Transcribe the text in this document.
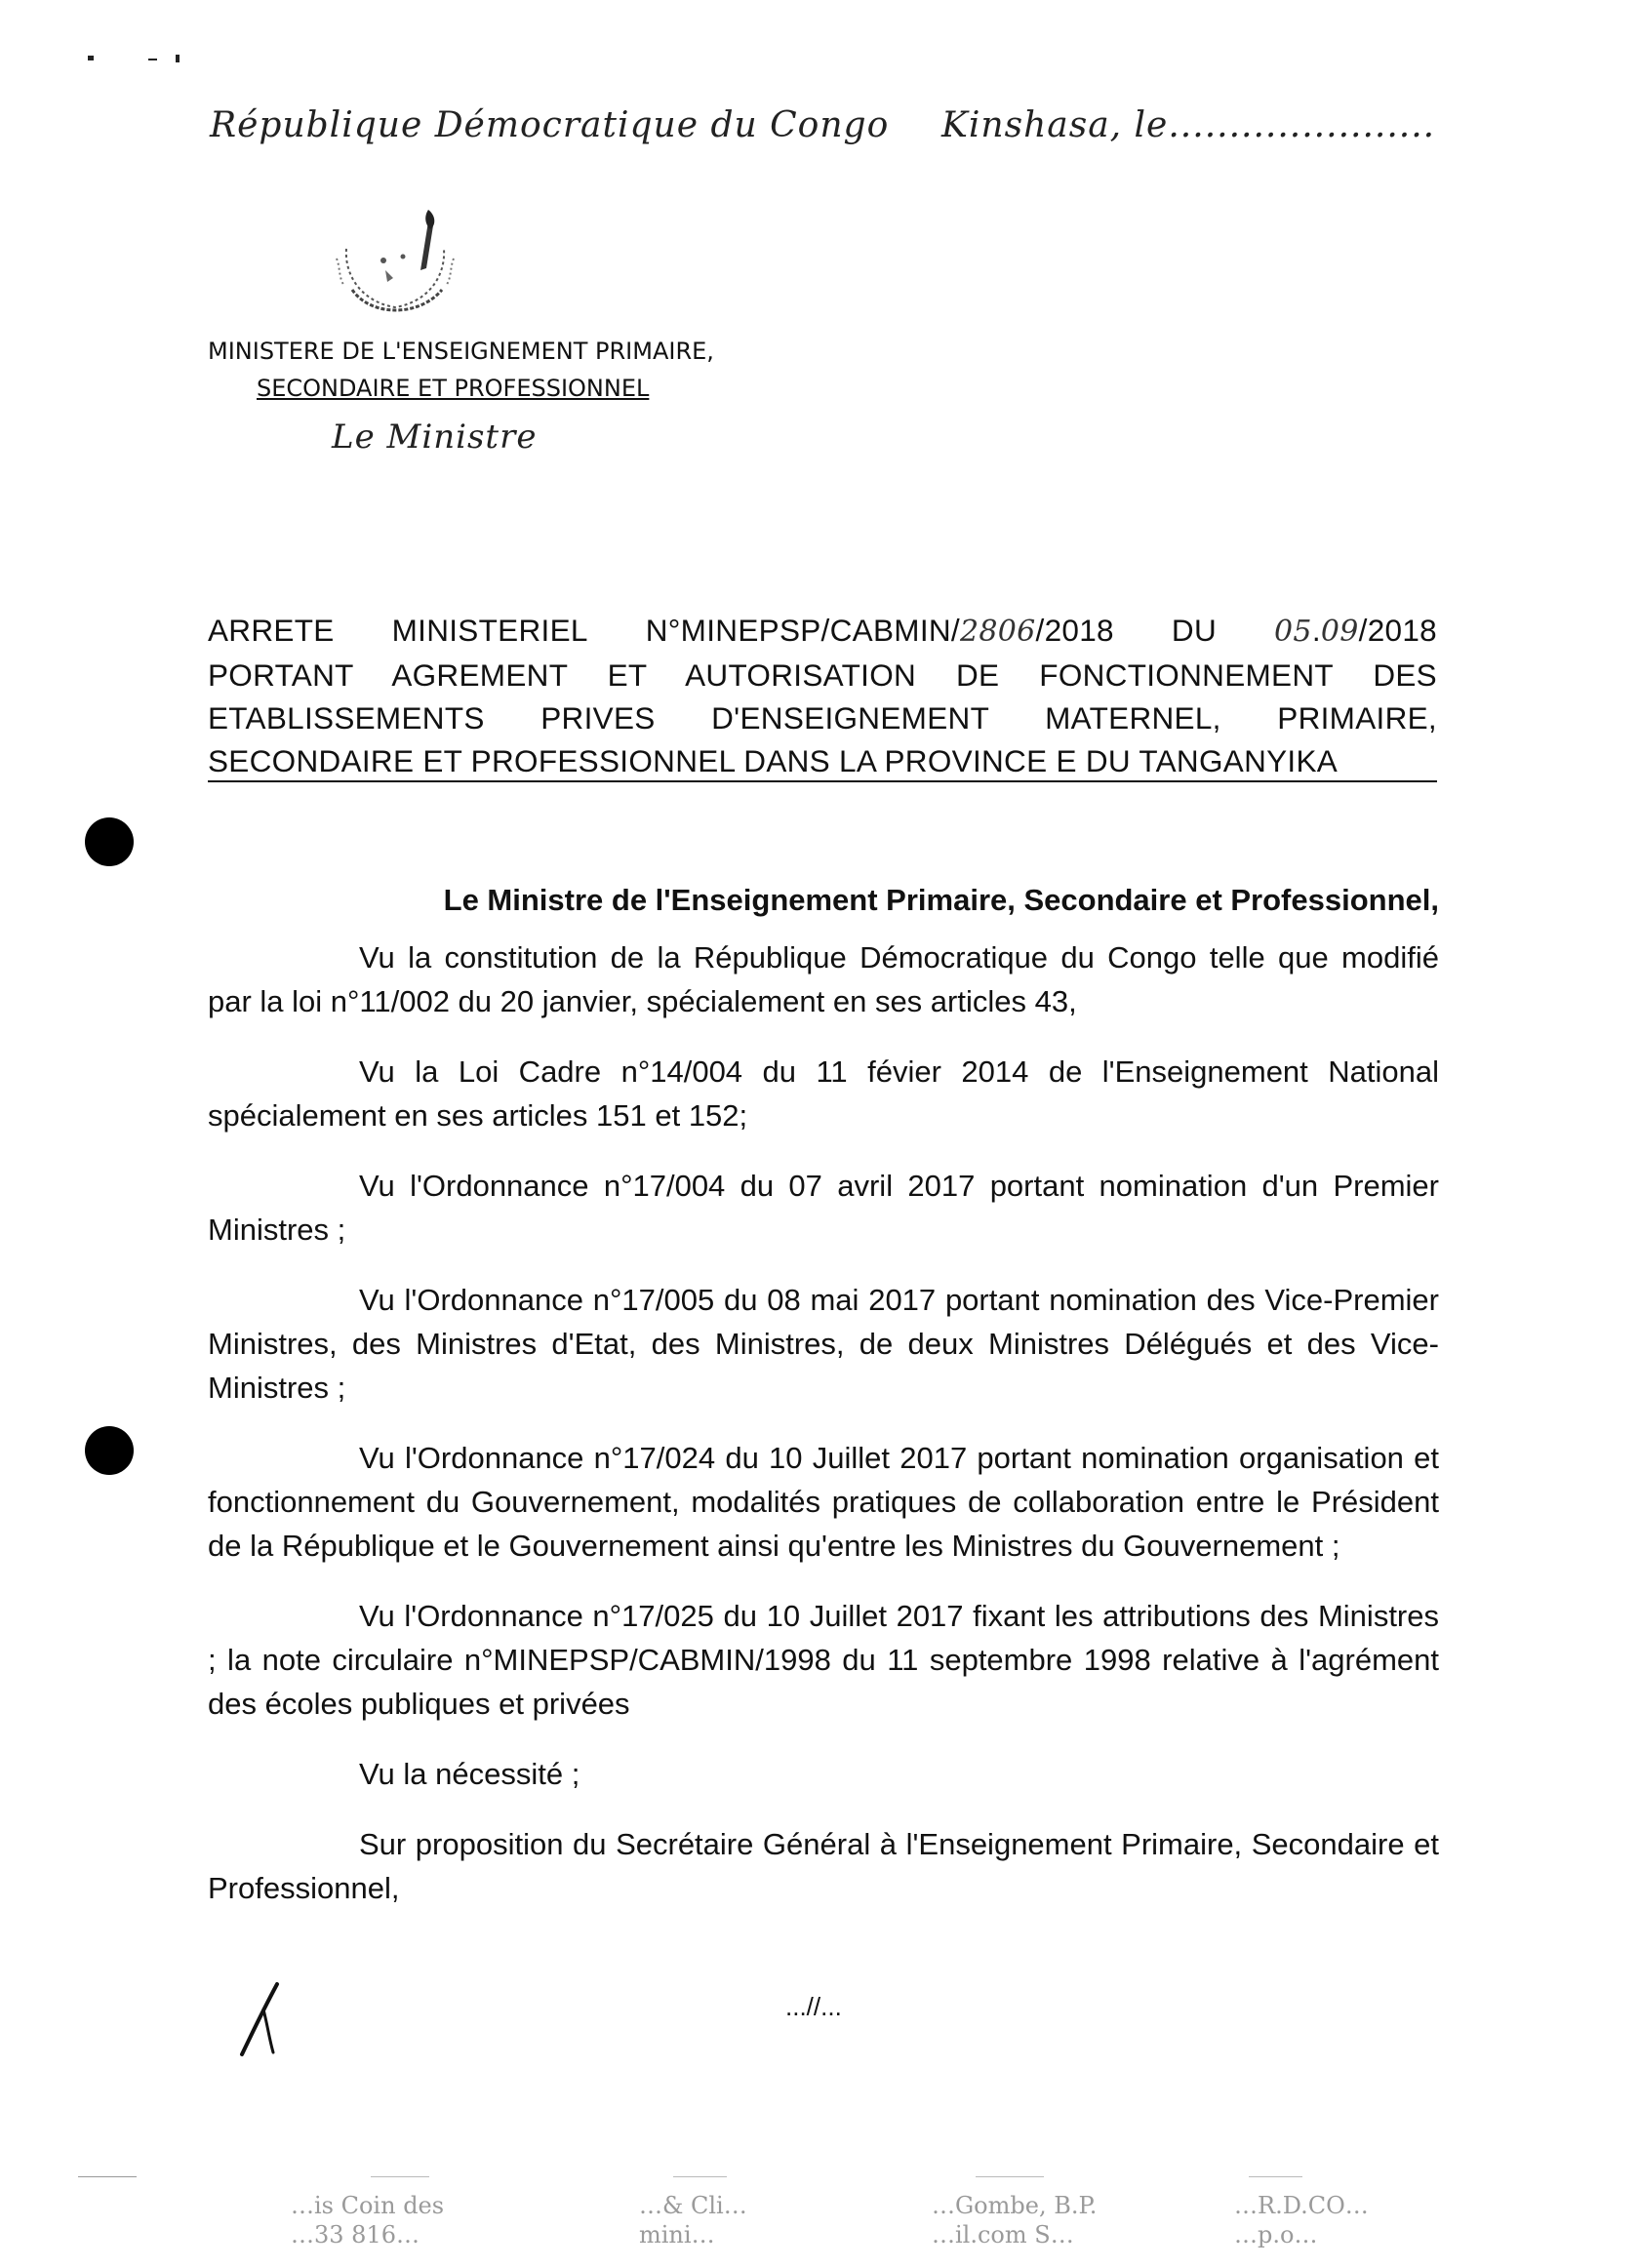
République Démocratique du Congo Kinshasa, le......................
MINISTERE DE L'ENSEIGNEMENT PRIMAIRE,
SECONDAIRE ET PROFESSIONNEL
Le Ministre
ARRETE MINISTERIEL N°MINEPSP/CABMIN/2806/2018 DU 05.09/2018
PORTANT AGREMENT ET AUTORISATION DE FONCTIONNEMENT DES
ETABLISSEMENTS PRIVES D'ENSEIGNEMENT MATERNEL, PRIMAIRE,
SECONDAIRE ET PROFESSIONNEL DANS LA PROVINCE E DU TANGANYIKA
Le Ministre de l'Enseignement Primaire, Secondaire et Professionnel,

Vu la constitution de la République Démocratique du Congo telle que modifié par la loi n°11/002 du 20 janvier, spécialement en ses articles 43,

Vu la Loi Cadre n°14/004 du 11 févier 2014 de l'Enseignement National spécialement en ses articles 151 et 152;

Vu l'Ordonnance n°17/004 du 07 avril 2017 portant nomination d'un Premier Ministres ;

Vu l'Ordonnance n°17/005 du 08 mai 2017 portant nomination des Vice-Premier Ministres, des Ministres d'Etat, des Ministres, de deux Ministres Délégués et des Vice-Ministres ;

Vu l'Ordonnance n°17/024 du 10 Juillet 2017 portant nomination organisation et fonctionnement du Gouvernement, modalités pratiques de collaboration entre le Président de la République et le Gouvernement ainsi qu'entre les Ministres du Gouvernement ;

Vu l'Ordonnance n°17/025 du 10 Juillet 2017 fixant les attributions des Ministres ; la note circulaire n°MINEPSP/CABMIN/1998 du 11 septembre 1998 relative à l'agrément des écoles publiques et privées

Vu la nécessité ;

Sur proposition du Secrétaire Général à l'Enseignement Primaire, Secondaire et Professionnel,

...//...
…is Coin des
…33 816…
…& Cli…
mini…
…Gombe, B.P.
…il.com S…
…R.D.CO…
…p.o…
